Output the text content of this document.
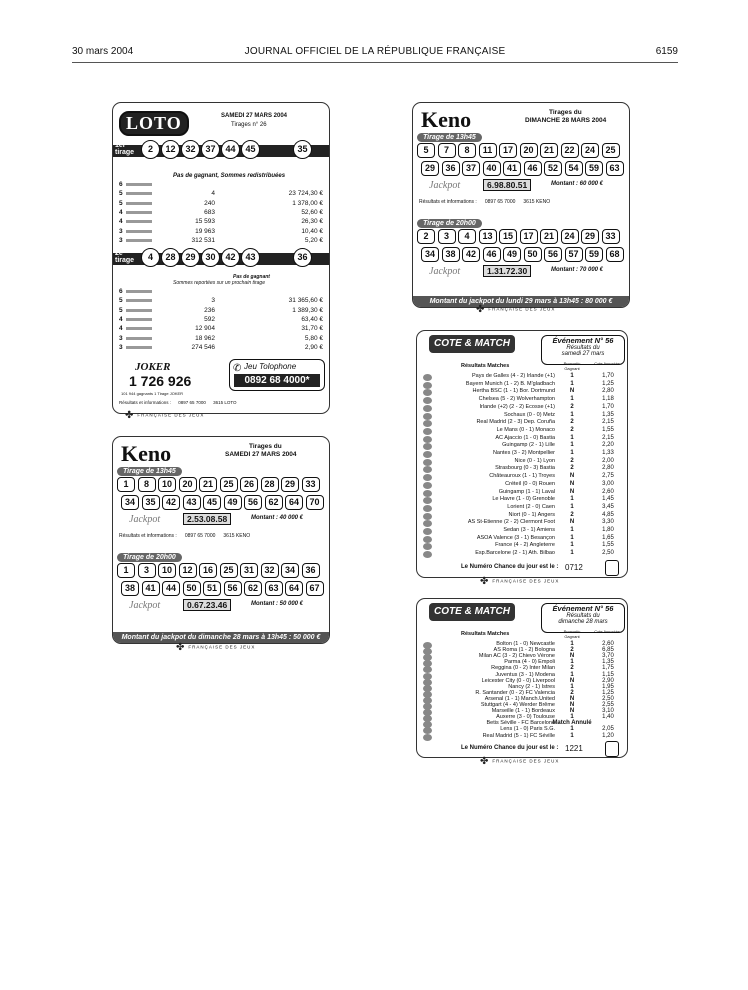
30 mars 2004	JOURNAL OFFICIEL DE LA RÉPUBLIQUE FRANÇAISE	6159
LOTO	SAMEDI 27 MARS 2004
Tirages n° 26
1er tirage	2	12	32	37	44	45	35
Pas de gagnant, Sommes redistribuées
6
5	4	23 724,30 €
5	240	1 378,00 €
4	683	52,60 €
4	15 593	26,30 €
3	19 963	10,40 €
3	312 531	5,20 €
2e tirage	4	28	29	30	42	43	36
Pas de gagnant
Sommes reportées sur un prochain tirage
6
5	3	31 365,60 €
5	236	1 389,30 €
4	592	63,40 €
4	12 904	31,70 €
3	18 962	5,80 €
3	274 546	2,90 €
JOKER
1 726 926
101 944 gagnants 1 Tirage JOKER
✆ Jeu Tolophone
0892 68 4000*
Résultats et informations : 0897 65 7000 3615 LOTO
✤ FRANÇAISE DES JEUX
Keno	Tirages du
SAMEDI 27 MARS 2004
Tirage de 13h45
1	8	10	20	21	25	26	28	29	33
34	35	42	43	45	49	56	62	64	70
Jackpot	2.53.08.58	Montant : 40 000 €
Résultats et informations : 0897 65 7000 3615 KENO
Tirage de 20h00
1	3	10	12	16	25	31	32	34	36
38	41	44	50	51	56	62	63	64	67
Jackpot	0.67.23.46	Montant : 50 000 €
Montant du jackpot du dimanche 28 mars à 13h45 : 50 000 €
✤ FRANÇAISE DES JEUX
Keno	Tirages du
DIMANCHE 28 MARS 2004
Tirage de 13h45
5	7	8	11	17	20	21	22	24	25
29	36	37	40	41	46	52	54	59	63
Jackpot	6.98.80.51	Montant : 60 000 €
Résultats et informations : 0897 65 7000 3615 KENO
Tirage de 20h00
2	3	4	13	15	17	21	24	29	33
34	38	42	46	49	50	56	57	59	68
Jackpot	1.31.72.30	Montant : 70 000 €
Montant du jackpot du lundi 29 mars à 13h45 : 80 000 €
✤ FRANÇAISE DES JEUX
COTE & MATCH	Événement N° 56
Résultats du
samedi 27 mars
Résultats Matches	Pronostic Gagnant
Cote Associée
Pays de Galles (4 - 2) Irlande (+1)	1	1,70
Bayern Munich (1 - 2) B. M'gladbach	1	1,25
Hertha BSC (1 - 1) Bor. Dortmund	N	2,80
Chelsea (5 - 2) Wolverhampton	1	1,18
Irlande (+2) (2 - 2) Écosse (+1)	2	1,70
Sochaux (0 - 0) Metz	1	1,35
Real Madrid (2 - 3) Dep. Coruña	2	2,15
Le Mans (0 - 1) Monaco	2	1,55
AC Ajaccio (1 - 0) Bastia	1	2,15
Guingamp (2 - 1) Lille	1	2,20
Nantes (3 - 2) Montpellier	1	1,33
Nice (0 - 1) Lyon	2	2,00
Strasbourg (0 - 3) Bastia	2	2,80
Châteauroux (1 - 1) Troyes	N	2,75
Créteil (0 - 0) Rouen	N	3,00
Guingamp (1 - 1) Laval	N	2,60
Le Havre (1 - 0) Grenoble	1	1,45
Lorient (2 - 0) Caen	1	3,45
Niort (0 - 1) Angers	2	4,85
AS St-Étienne (2 - 2) Clermont Foot	N	3,30
Sedan (3 - 1) Amiens	1	1,80
ASOA Valence (3 - 1) Besançon	1	1,65
France (4 - 2) Angleterre	1	1,55
Esp.Barcelone (2 - 1) Ath. Bilbao	1	2,50
Le Numéro Chance du jour est le : 0712
✤ FRANÇAISE DES JEUX
COTE & MATCH	Événement N° 56
Résultats du
dimanche 28 mars
Résultats Matches	Pronostic Gagnant
Cote Associée
Bolton (1 - 0) Newcastle	1	2,60
AS Roma (1 - 2) Bologna	2	6,85
Milan AC (3 - 2) Chievo Vérone	N	3,70
Parma (4 - 0) Empoli	1	1,35
Reggina (0 - 2) Inter Milan	2	1,75
Juventus (3 - 1) Modena	1	1,15
Leicester City (0 - 0) Liverpool	N	2,90
Nancy (2 - 1) Istres	1	1,95
R. Santander (0 - 2) FC Valencia	2	1,25
Arsenal (1 - 1) Manch.United	N	2,50
Stuttgart (4 - 4) Werder Brême	N	2,55
Marseille (1 - 1) Bordeaux	N	3,10
Auxerre (3 - 0) Toulouse	1	1,40
Betis Séville - FC Barcelone
Match Annulé
Lens (1 - 0) Paris S.G.	1	2,05
Real Madrid (5 - 1) FC Séville	1	1,20
Le Numéro Chance du jour est le : 1221
✤ FRANÇAISE DES JEUX
